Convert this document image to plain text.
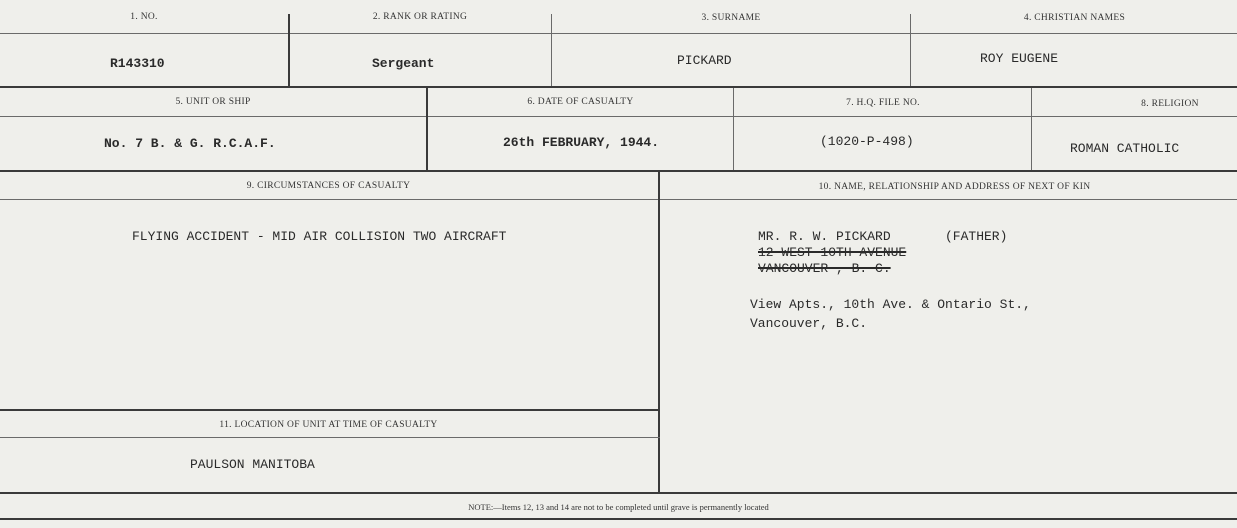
1. NO.	2. RANK OR RATING	3. SURNAME	4. CHRISTIAN NAMES
R143310	Sergeant	PICKARD	ROY EUGENE
5. UNIT OR SHIP	6. DATE OF CASUALTY	7. H.Q. FILE NO.	8. RELIGION
No. 7 B. & G. R.C.A.F.	26th FEBRUARY, 1944.	(1020-P-498)	ROMAN CATHOLIC
9. CIRCUMSTANCES OF CASUALTY	10. NAME, RELATIONSHIP AND ADDRESS OF NEXT OF KIN
FLYING ACCIDENT - MID AIR COLLISION TWO AIRCRAFT	MR. R. W. PICKARD	(FATHER)
12 WEST 10TH AVENUE
VANCOUVER , B. C.
View Apts., 10th Ave. & Ontario St.,
Vancouver, B.C.
11. LOCATION OF UNIT AT TIME OF CASUALTY
PAULSON MANITOBA
NOTE:—Items 12, 13 and 14 are not to be completed until grave is permanently located
